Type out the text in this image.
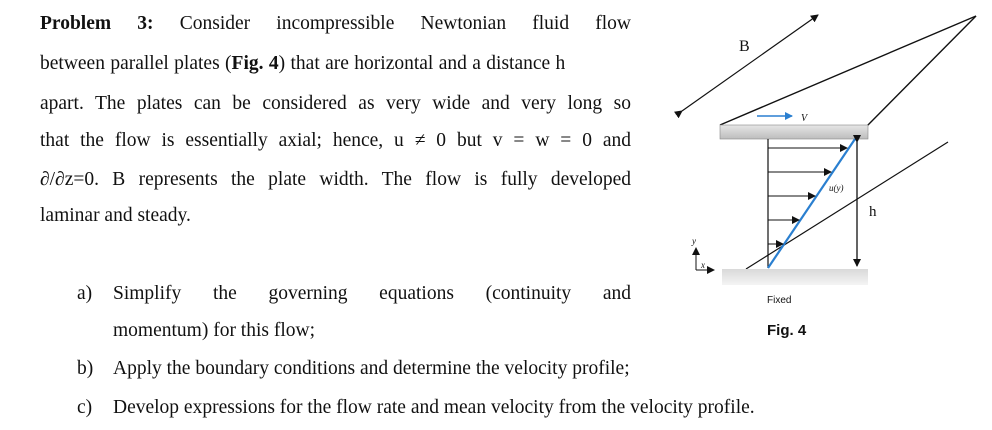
Problem 3: Consider incompressible Newtonian fluid flow
between parallel plates (Fig. 4) that are horizontal and a distance h
apart. The plates can be considered as very wide and very long so
that the flow is essentially axial; hence, u ≠ 0 but v = w = 0 and
∂/∂z=0. B represents the plate width. The flow is fully developed
laminar and steady.
a) Simplify the governing equations (continuity and
momentum) for this flow;
b) Apply the boundary conditions and determine the velocity profile;
c) Develop expressions for the flow rate and mean velocity from the velocity profile.
B
V
Fixed
u(y)
h
y
x
Fig. 4
